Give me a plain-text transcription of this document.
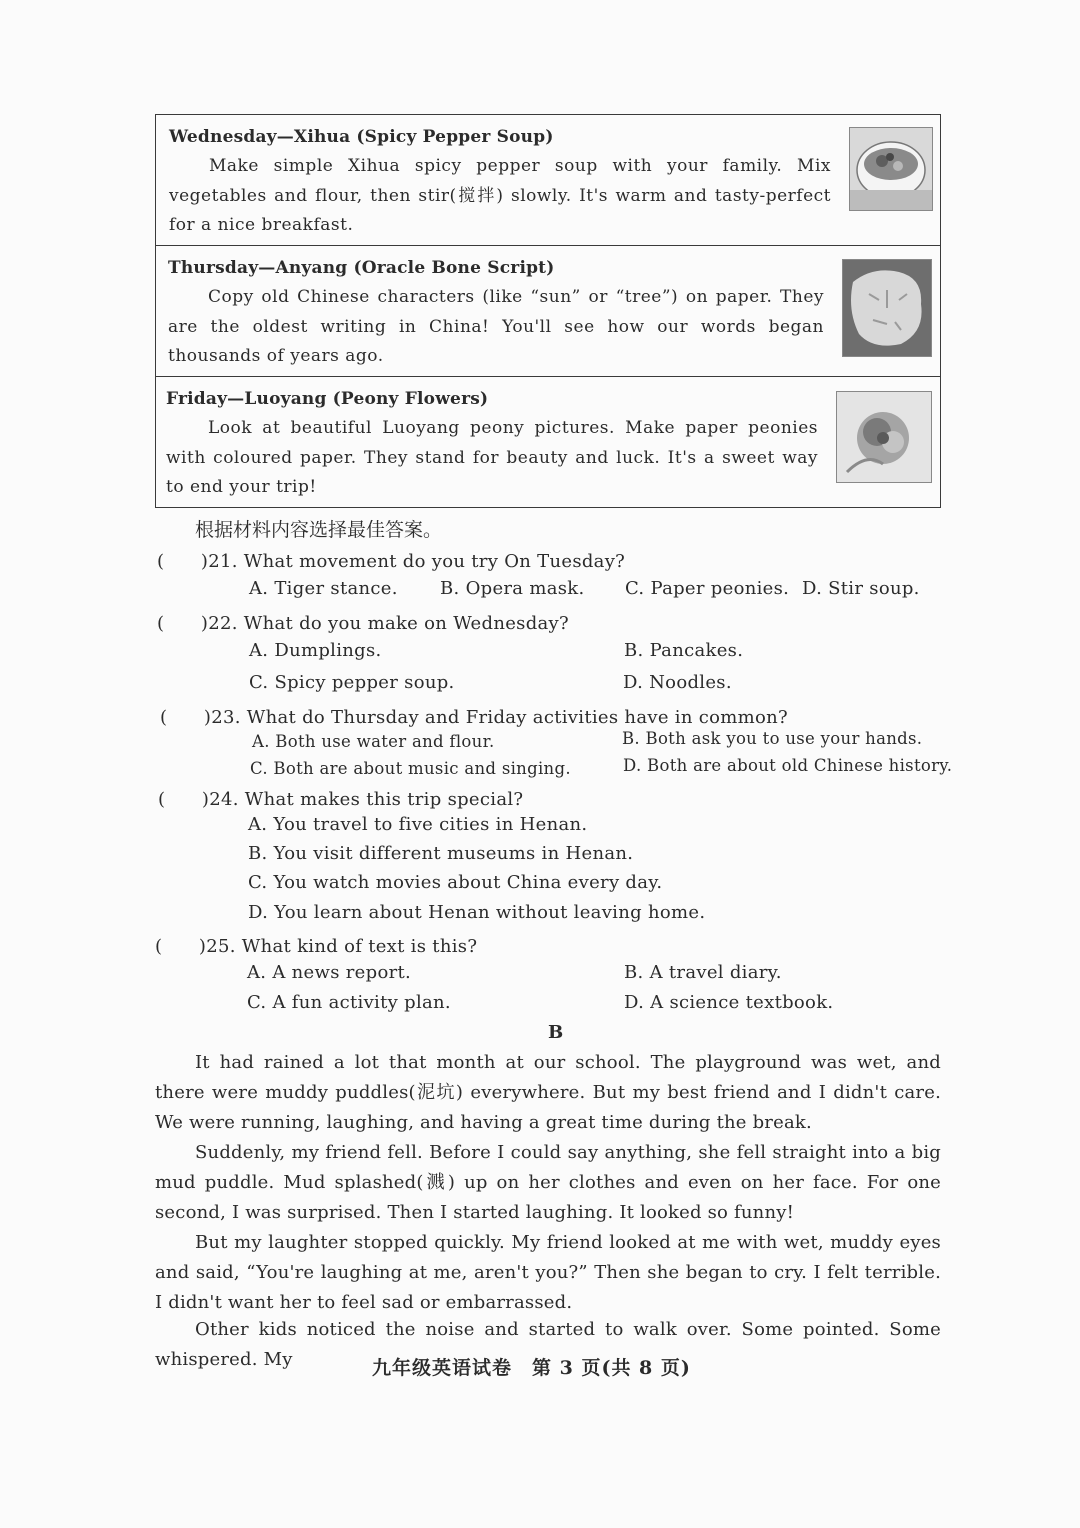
Wednesday—Xihua (Spicy Pepper Soup)
Make simple Xihua spicy pepper soup with your family. Mix vegetables and flour, then stir(搅拌) slowly. It's warm and tasty-perfect for a nice breakfast.
Thursday—Anyang (Oracle Bone Script)
Copy old Chinese characters (like “sun” or “tree”) on paper. They are the oldest writing in China! You'll see how our words began thousands of years ago.
Friday—Luoyang (Peony Flowers)
Look at beautiful Luoyang peony pictures. Make paper peonies with coloured paper. They stand for beauty and luck. It's a sweet way to end your trip!
根据材料内容选择最佳答案。
(　　)21. What movement do you try On Tuesday?
A. Tiger stance. B. Opera mask. C. Paper peonies. D. Stir soup.
(　　)22. What do you make on Wednesday?
A. Dumplings.	B. Pancakes.
C. Spicy pepper soup.	D. Noodles.
(　　)23. What do Thursday and Friday activities have in common?
A. Both use water and flour.	B. Both ask you to use your hands.
C. Both are about music and singing.	D. Both are about old Chinese history.
(　　)24. What makes this trip special?
A. You travel to five cities in Henan.
B. You visit different museums in Henan.
C. You watch movies about China every day.
D. You learn about Henan without leaving home.
(　　)25. What kind of text is this?
A. A news report.	B. A travel diary.
C. A fun activity plan.	D. A science textbook.
B
It had rained a lot that month at our school. The playground was wet, and there were muddy puddles(泥坑) everywhere. But my best friend and I didn't care. We were running, laughing, and having a great time during the break.
Suddenly, my friend fell. Before I could say anything, she fell straight into a big mud puddle. Mud splashed(溅) up on her clothes and even on her face. For one second, I was surprised. Then I started laughing. It looked so funny!
But my laughter stopped quickly. My friend looked at me with wet, muddy eyes and said, “You're laughing at me, aren't you?” Then she began to cry. I felt terrible. I didn't want her to feel sad or embarrassed.
Other kids noticed the noise and started to walk over. Some pointed. Some whispered. My	九年级英语试卷　第 3 页(共 8 页)
